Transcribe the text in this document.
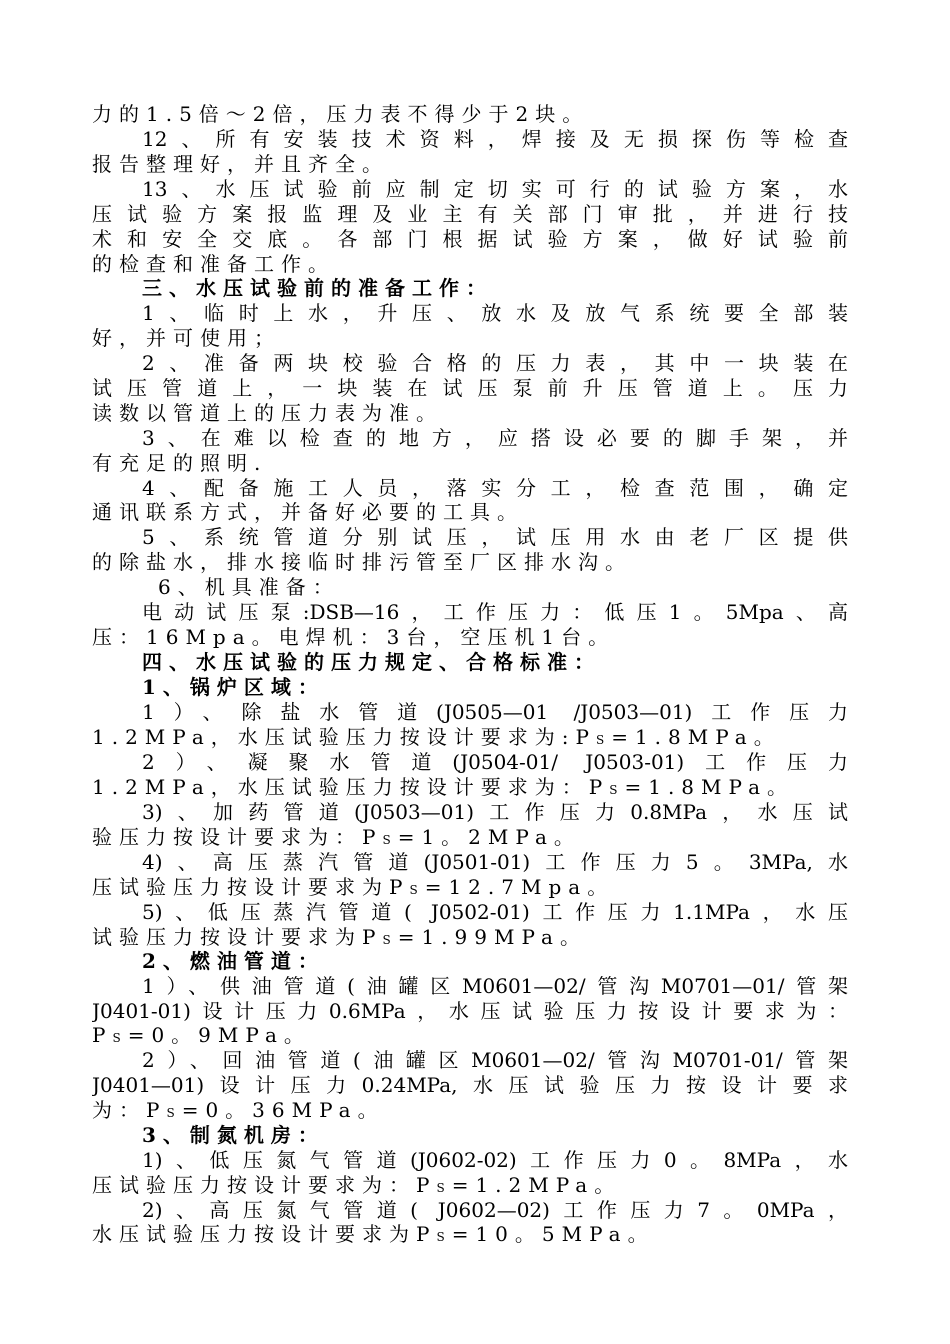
力的1.5倍～2倍，压力表不得少于2块。
12、所有安装技术资料，焊接及无损探伤等检查
报告整理好，并且齐全。
13、水压试验前应制定切实可行的试验方案，水
压试验方案报监理及业主有关部门审批，并进行技
术和安全交底。各部门根据试验方案，做好试验前
的检查和准备工作。
三、水压试验前的准备工作：
1、临时上水，升压、放水及放气系统要全部装
好，并可使用；
2、准备两块校验合格的压力表，其中一块装在
试压管道上，一块装在试压泵前升压管道上。压力
读数以管道上的压力表为准。
3、在难以检查的地方，应搭设必要的脚手架，并
有充足的照明.
4、配备施工人员，落实分工，检查范围，确定
通讯联系方式，并备好必要的工具。
5、系统管道分别试压，试压用水由老厂区提供
的除盐水，排水接临时排污管至厂区排水沟。
6、机具准备：
电动试压泵:DSB—16，工作压力：低压1。5Mpa、高
压：16Mpa。电焊机：3台，空压机1台。
四、水压试验的压力规定、合格标准：
1、锅炉区域：
1）、除盐水管道(J0505—01 /J0503—01)工作压力
1.2MPa，水压试验压力按设计要求为:PS=1.8MPa。
2）、凝聚水管道(J0504-01/ J0503-01)工作压力
1.2MPa，水压试验压力按设计要求为：PS=1.8MPa。
3)、加药管道(J0503—01)工作压力0.8MPa，水压试
验压力按设计要求为：PS=1。2MPa。
4)、高压蒸汽管道(J0501-01)工作压力5。3MPa,水
压试验压力按设计要求为PS=12.7Mpa。
5)、低压蒸汽管道( J0502-01)工作压力1.1MPa，水压
试验压力按设计要求为PS=1.99MPa。
2、燃油管道：
1）、供油管道(油罐区M0601—02/管沟M0701—01/管架
J0401-01)设计压力0.6MPa，水压试验压力按设计要求为：
PS=0。9MPa。
2）、回油管道(油罐区M0601—02/管沟M0701-01/管架
J0401—01)设计压力0.24MPa,水压试验压力按设计要求
为：PS=0。36MPa。
3、制氮机房：
1)、低压氮气管道(J0602-02)工作压力0。8MPa，水
压试验压力按设计要求为：PS=1.2MPa。
2)、高压氮气管道( J0602—02)工作压力7。0MPa，
水压试验压力按设计要求为PS=10。5MPa。
